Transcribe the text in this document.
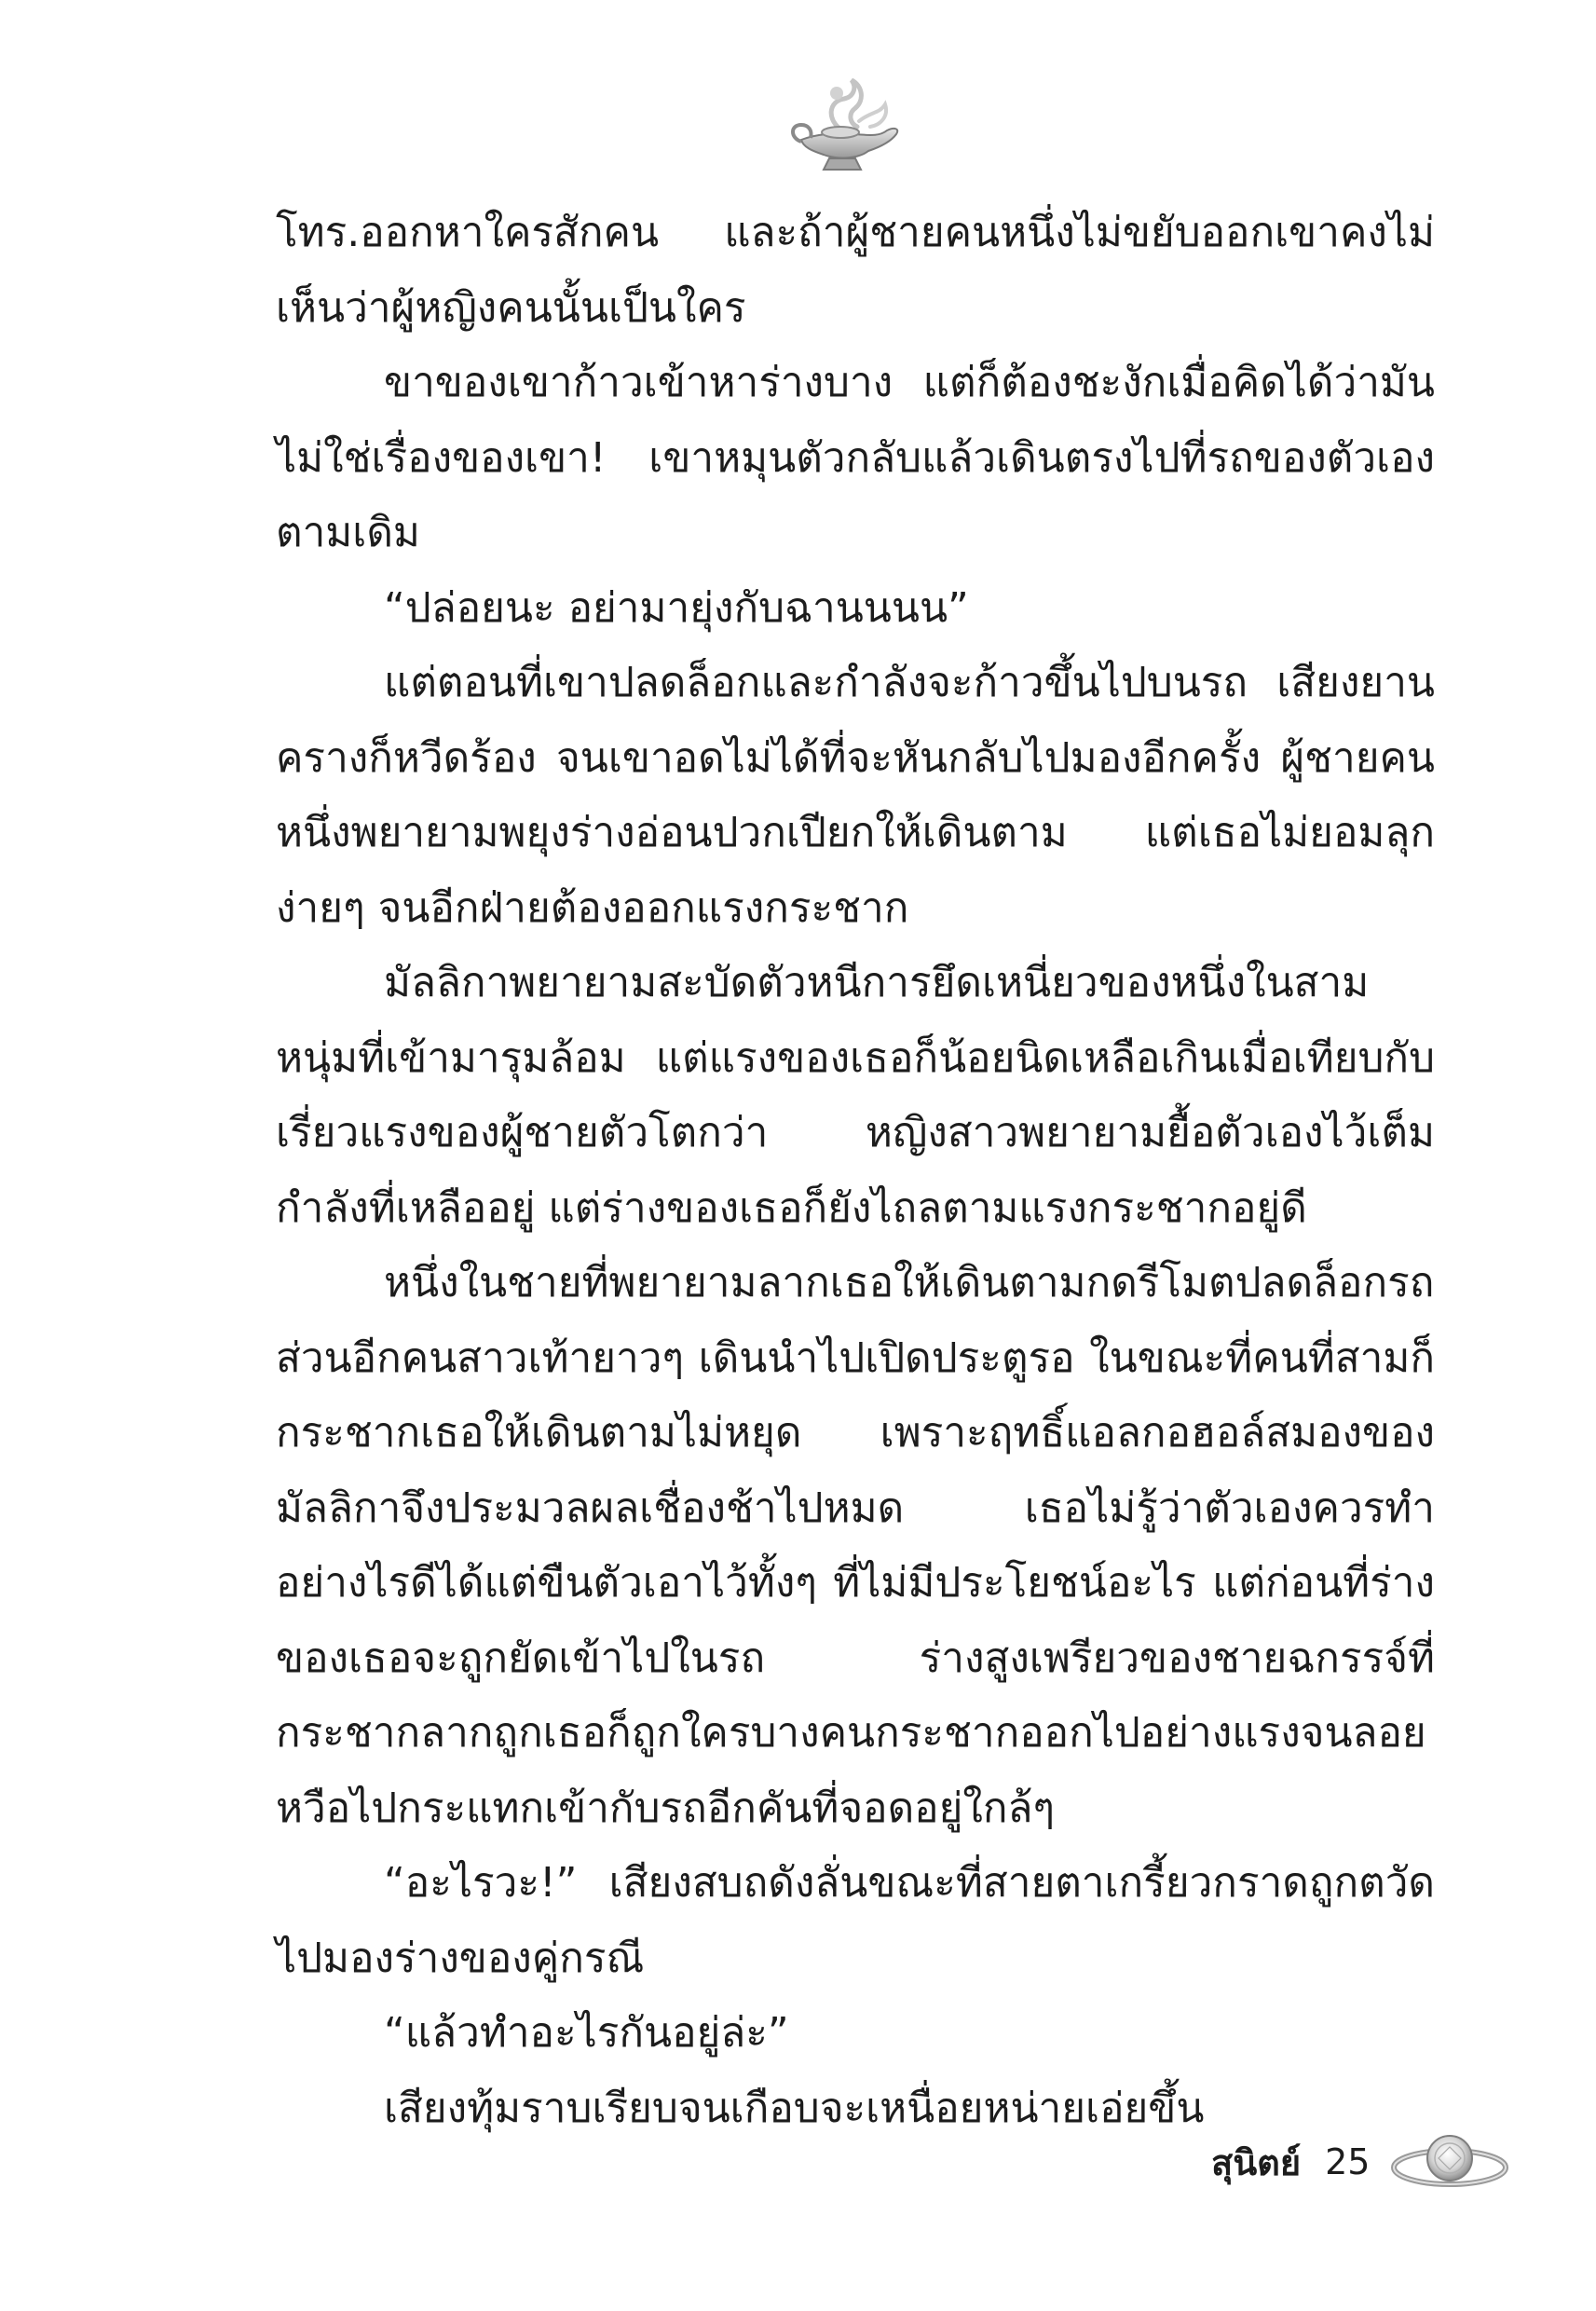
โทร.ออกหาใครสักคน และถ้าผู้ชายคนหนึ่งไม่ขยับออกเขาคงไม่เห็นว่าผู้หญิงคนนั้นเป็นใคร

ขาของเขาก้าวเข้าหาร่างบาง แต่ก็ต้องชะงักเมื่อคิดได้ว่ามันไม่ใช่เรื่องของเขา! เขาหมุนตัวกลับแล้วเดินตรงไปที่รถของตัวเองตามเดิม

“ปล่อยนะ อย่ามายุ่งกับฉานนนน”

แต่ตอนที่เขาปลดล็อกและกำลังจะก้าวขึ้นไปบนรถ เสียงยานครางก็หวีดร้อง จนเขาอดไม่ได้ที่จะหันกลับไปมองอีกครั้ง ผู้ชายคนหนึ่งพยายามพยุงร่างอ่อนปวกเปียกให้เดินตาม แต่เธอไม่ยอมลุกง่ายๆ จนอีกฝ่ายต้องออกแรงกระชาก

มัลลิกาพยายามสะบัดตัวหนีการยึดเหนี่ยวของหนึ่งในสามหนุ่มที่เข้ามารุมล้อม แต่แรงของเธอก็น้อยนิดเหลือเกินเมื่อเทียบกับเรี่ยวแรงของผู้ชายตัวโตกว่า หญิงสาวพยายามยื้อตัวเองไว้เต็มกำลังที่เหลืออยู่ แต่ร่างของเธอก็ยังไถลตามแรงกระชากอยู่ดี

หนึ่งในชายที่พยายามลากเธอให้เดินตามกดรีโมตปลดล็อกรถส่วนอีกคนสาวเท้ายาวๆ เดินนำไปเปิดประตูรอ ในขณะที่คนที่สามก็กระชากเธอให้เดินตามไม่หยุด เพราะฤทธิ์แอลกอฮอล์สมองของมัลลิกาจึงประมวลผลเชื่องช้าไปหมด เธอไม่รู้ว่าตัวเองควรทำอย่างไรดีได้แต่ขืนตัวเอาไว้ทั้งๆ ที่ไม่มีประโยชน์อะไร แต่ก่อนที่ร่างของเธอจะถูกยัดเข้าไปในรถ ร่างสูงเพรียวของชายฉกรรจ์ที่กระชากลากถูกเธอก็ถูกใครบางคนกระชากออกไปอย่างแรงจนลอยหวือไปกระแทกเข้ากับรถอีกคันที่จอดอยู่ใกล้ๆ

“อะไรวะ!” เสียงสบถดังลั่นขณะที่สายตาเกรี้ยวกราดถูกตวัดไปมองร่างของคู่กรณี

“แล้วทำอะไรกันอยู่ล่ะ”

เสียงทุ้มราบเรียบจนเกือบจะเหนื่อยหน่ายเอ่ยขึ้น

สุนิตย์ 25
